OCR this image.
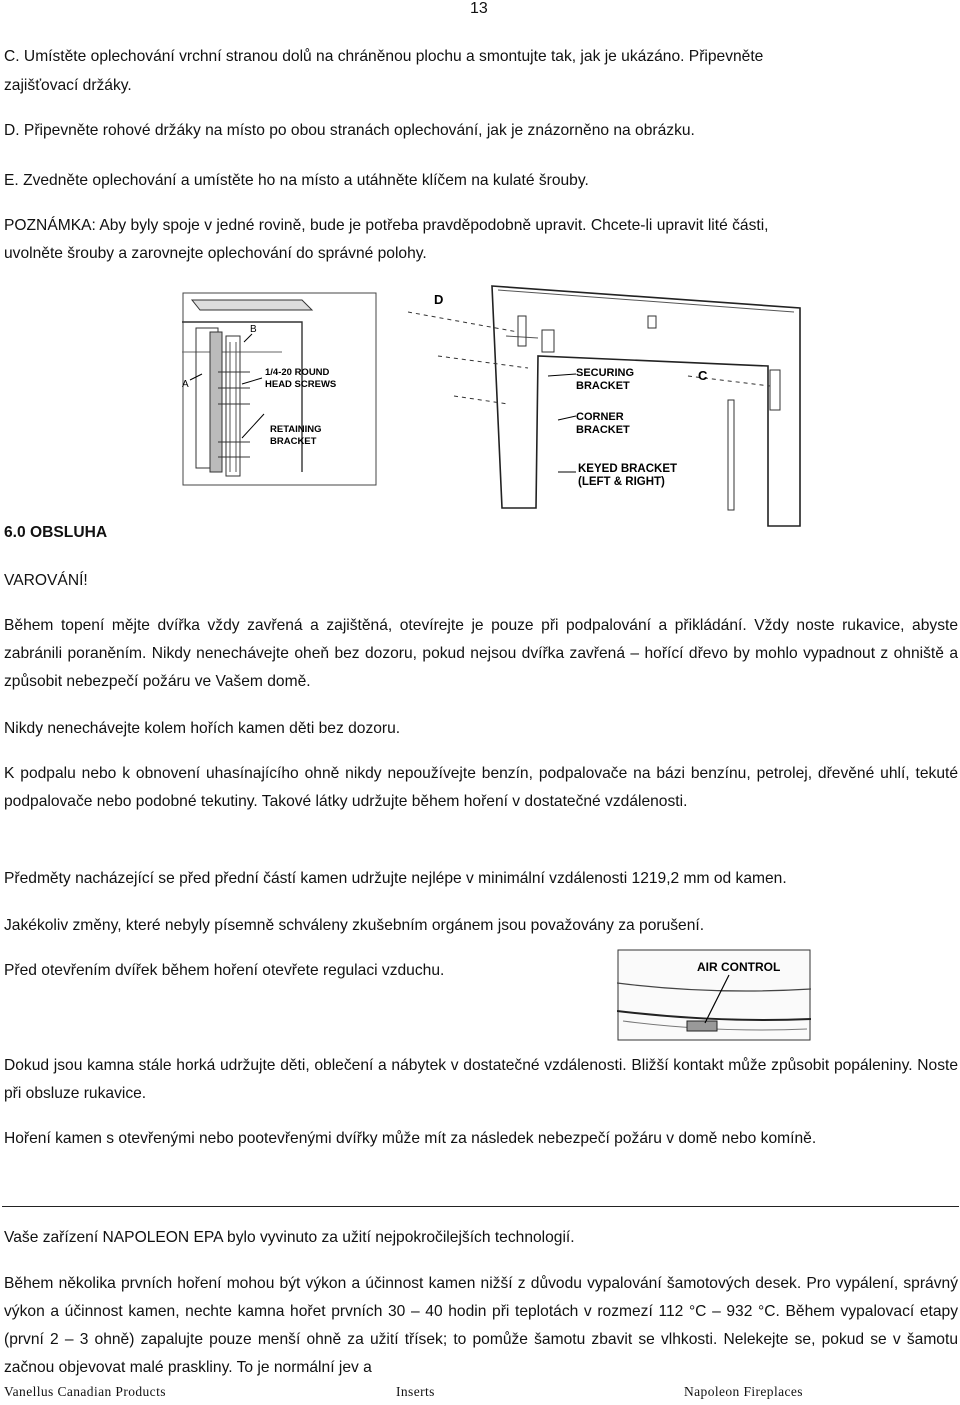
13
C. Umístěte oplechování vrchní stranou dolů na chráněnou plochu a smontujte tak, jak je ukázáno. Připevněte
zajišťovací držáky.
D. Připevněte rohové držáky na místo po obou stranách oplechování, jak je znázorněno na obrázku.
E. Zvedněte oplechování a umístěte ho na místo a utáhněte klíčem na kulaté šrouby.
POZNÁMKA: Aby byly spoje v jedné rovině, bude je potřeba pravděpodobně upravit. Chcete-li upravit lité části,
uvolněte šrouby a zarovnejte oplechování do správné polohy.
B
A
1/4-20 ROUND
HEAD SCREWS
RETAINING
BRACKET
D
C
SECURING
BRACKET
CORNER
BRACKET
KEYED BRACKET
(LEFT & RIGHT)
6.0 OBSLUHA
VAROVÁNÍ!
Během topení mějte dvířka vždy zavřená a zajištěná, otevírejte je pouze při podpalování a přikládání. Vždy noste rukavice, abyste zabránili poraněním. Nikdy nenechávejte oheň bez dozoru, pokud nejsou dvířka zavřená – hořící dřevo by mohlo vypadnout z ohniště a způsobit nebezpečí požáru ve Vašem domě.
Nikdy nenechávejte kolem hořích kamen děti bez dozoru.
K podpalu nebo k obnovení uhasínajícího ohně nikdy nepoužívejte benzín, podpalovače na bázi benzínu, petrolej, dřevěné uhlí, tekuté podpalovače nebo podobné tekutiny. Takové látky udržujte během hoření v dostatečné vzdálenosti.
Předměty nacházející se před přední částí kamen udržujte nejlépe v minimální vzdálenosti 1219,2 mm od kamen.
Jakékoliv změny, které nebyly písemně schváleny zkušebním orgánem jsou považovány za porušení.
Před otevřením dvířek během hoření otevřete regulaci vzduchu.	AIR CONTROL
Dokud jsou kamna stále horká udržujte děti, oblečení a nábytek v dostatečné vzdálenosti. Bližší kontakt může způsobit popáleniny. Noste při obsluze rukavice.
Hoření kamen s otevřenými nebo pootevřenými dvířky může mít za následek nebezpečí požáru v domě nebo komíně.
Vaše zařízení NAPOLEON EPA bylo vyvinuto za užití nejpokročilejších technologií.
Během několika prvních hoření mohou být výkon a účinnost kamen nižší z důvodu vypalování šamotových desek. Pro vypálení, správný výkon a účinnost kamen, nechte kamna hořet prvních 30 – 40 hodin při teplotách v rozmezí 112 °C – 932 °C. Během vypalovací etapy (první 2 – 3 ohně) zapalujte pouze menší ohně za užití třísek; to pomůže šamotu zbavit se vlhkosti. Nelekejte se, pokud se v šamotu začnou objevovat malé praskliny. To je normální jev a
Vanellus Canadian Products	Inserts	Napoleon Fireplaces
